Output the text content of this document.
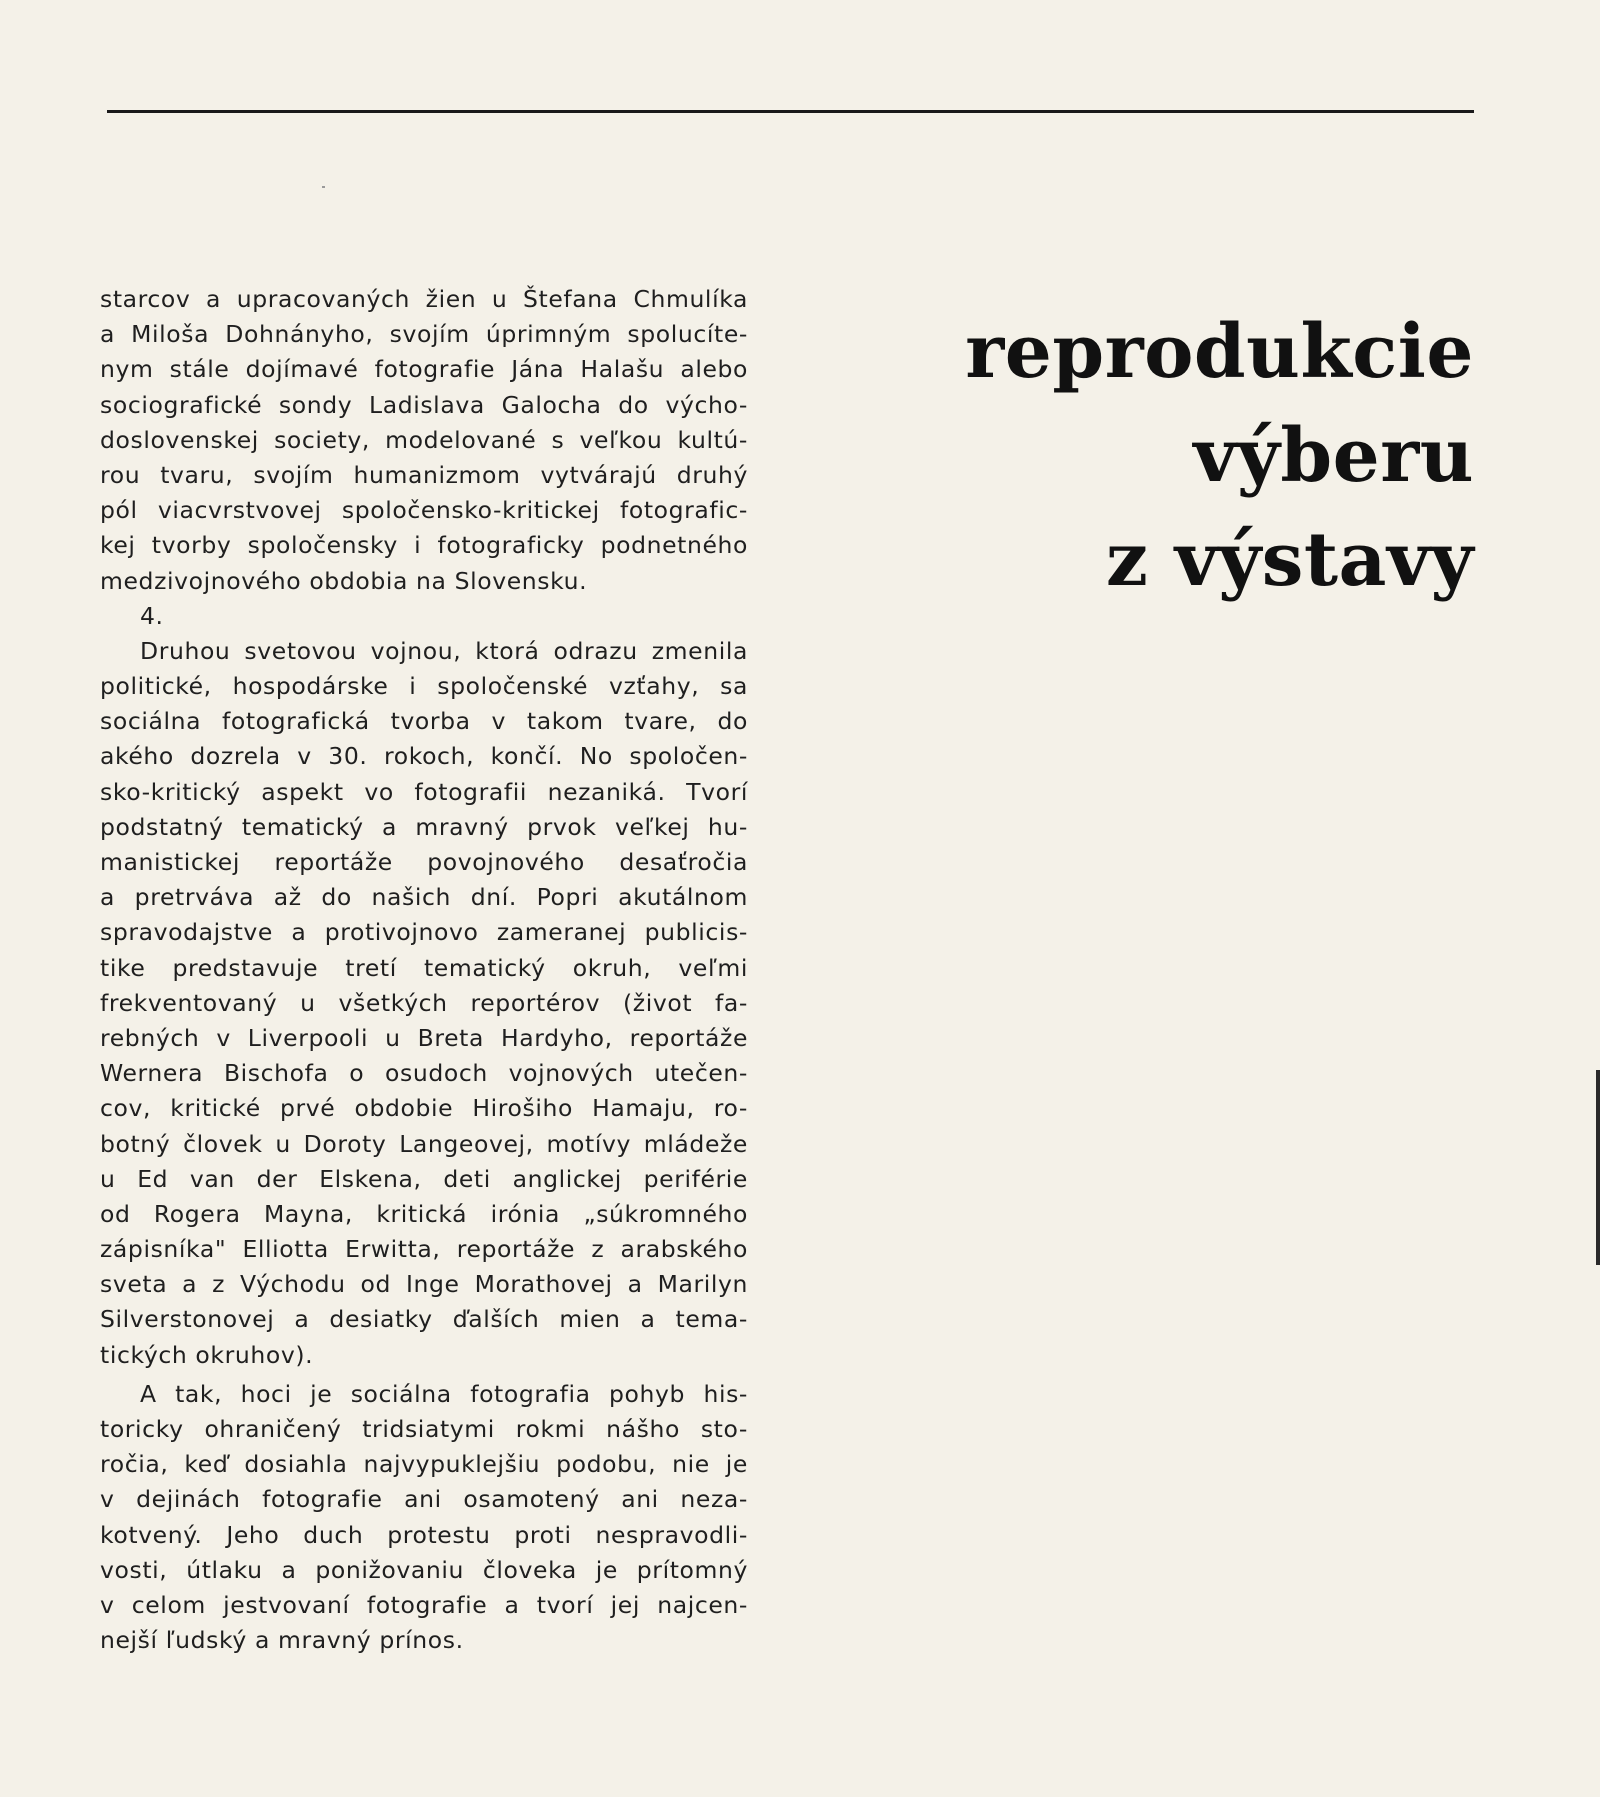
starcov a upracovaných žien u Štefana Chmulíka
a Miloša Dohnányho, svojím úprimným spolucíte-
nym stále dojímavé fotografie Jána Halašu alebo
sociografické sondy Ladislava Galocha do výcho-
doslovenskej society, modelované s veľkou kultú-
rou tvaru, svojím humanizmom vytvárajú druhý
pól viacvrstvovej spoločensko-kritickej fotografic-
kej tvorby spoločensky i fotograficky podnetného
medzivojnového obdobia na Slovensku.
4.
Druhou svetovou vojnou, ktorá odrazu zmenila
politické, hospodárske i spoločenské vzťahy, sa
sociálna fotografická tvorba v takom tvare, do
akého dozrela v 30. rokoch, končí. No spoločen-
sko-kritický aspekt vo fotografii nezaniká. Tvorí
podstatný tematický a mravný prvok veľkej hu-
manistickej reportáže povojnového desaťročia
a pretrváva až do našich dní. Popri akutálnom
spravodajstve a protivojnovo zameranej publicis-
tike predstavuje tretí tematický okruh, veľmi
frekventovaný u všetkých reportérov (život fa-
rebných v Liverpooli u Breta Hardyho, reportáže
Wernera Bischofa o osudoch vojnových utečen-
cov, kritické prvé obdobie Hirošiho Hamaju, ro-
botný človek u Doroty Langeovej, motívy mládeže
u Ed van der Elskena, deti anglickej periférie
od Rogera Mayna, kritická irónia „súkromného
zápisníka" Elliotta Erwitta, reportáže z arabského
sveta a z Východu od Inge Morathovej a Marilyn
Silverstonovej a desiatky ďalších mien a tema-
tických okruhov).
A tak, hoci je sociálna fotografia pohyb his-
toricky ohraničený tridsiatymi rokmi nášho sto-
ročia, keď dosiahla najvypuklejšiu podobu, nie je
v dejinách fotografie ani osamotený ani neza-
kotvený. Jeho duch protestu proti nespravodli-
vosti, útlaku a ponižovaniu človeka je prítomný
v celom jestvovaní fotografie a tvorí jej najcen-
nejší ľudský a mravný prínos.
reprodukcie
výberu
z výstavy
